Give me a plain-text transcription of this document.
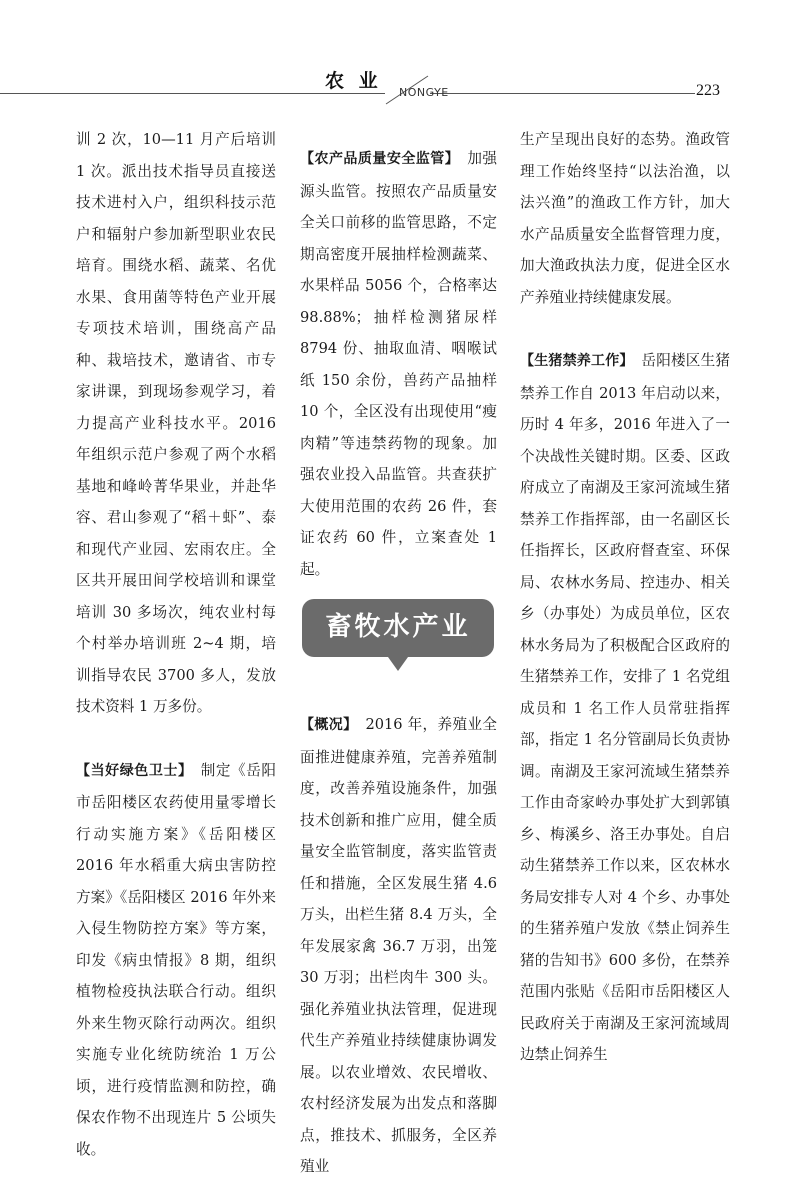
农 业
NONGYE	223

训 2 次，10—11 月产后培训 1 次。派出技术指导员直接送技术进村入户，组织科技示范户和辐射户参加新型职业农民培育。围绕水稻、蔬菜、名优水果、食用菌等特色产业开展专项技术培训，围绕高产品种、栽培技术，邀请省、市专家讲课，到现场参观学习，着力提高产业科技水平。2016 年组织示范户参观了两个水稻基地和峰岭菁华果业，并赴华容、君山参观了“稻＋虾”、泰和现代产业园、宏雨农庄。全区共开展田间学校培训和课堂培训 30 多场次，纯农业村每个村举办培训班 2~4 期，培训指导农民 3700 多人，发放技术资料 1 万多份。

【当好绿色卫士】　 制定《岳阳市岳阳楼区农药使用量零增长行动实施方案》《岳阳楼区 2016 年水稻重大病虫害防控方案》《岳阳楼区 2016 年外来入侵生物防控方案》等方案，印发《病虫情报》8 期，组织植物检疫执法联合行动。组织外来生物灭除行动两次。组织实施专业化统防统治 1 万公顷，进行疫情监测和防控，确保农作物不出现连片 5 公顷失收。

【农产品质量安全监管】　 加强源头监管。按照农产品质量安全关口前移的监管思路，不定期高密度开展抽样检测蔬菜、水果样品 5056 个，合格率达 98.88%；抽样检测猪尿样 8794 份、抽取血清、咽喉试纸 150 余份，兽药产品抽样 10 个，全区没有出现使用“瘦肉精”等违禁药物的现象。加强农业投入品监管。共查获扩大使用范围的农药 26 件，套证农药 60 件，立案查处 1 起。

畜牧水产业

【概况】　 2016 年，养殖业全面推进健康养殖，完善养殖制度，改善养殖设施条件，加强技术创新和推广应用，健全质量安全监管制度，落实监管责任和措施，全区发展生猪 4.6 万头，出栏生猪 8.4 万头，全年发展家禽 36.7 万羽，出笼 30 万羽；出栏肉牛 300 头。强化养殖业执法管理，促进现代生产养殖业持续健康协调发展。以农业增效、农民增收、农村经济发展为出发点和落脚点，推技术、抓服务，全区养殖业

生产呈现出良好的态势。渔政管理工作始终坚持“以法治渔，以法兴渔”的渔政工作方针，加大水产品质量安全监督管理力度，加大渔政执法力度，促进全区水产养殖业持续健康发展。

【生猪禁养工作】　 岳阳楼区生猪禁养工作自 2013 年启动以来，历时 4 年多，2016 年进入了一个决战性关键时期。区委、区政府成立了南湖及王家河流域生猪禁养工作指挥部，由一名副区长任指挥长，区政府督查室、环保局、农林水务局、控违办、相关乡（办事处）为成员单位，区农林水务局为了积极配合区政府的生猪禁养工作，安排了 1 名党组成员和 1 名工作人员常驻指挥部，指定 1 名分管副局长负责协调。南湖及王家河流域生猪禁养工作由奇家岭办事处扩大到郭镇乡、梅溪乡、洛王办事处。自启动生猪禁养工作以来，区农林水务局安排专人对 4 个乡、办事处的生猪养殖户发放《禁止饲养生猪的告知书》600 多份，在禁养范围内张贴《岳阳市岳阳楼区人民政府关于南湖及王家河流域周边禁止饲养生
